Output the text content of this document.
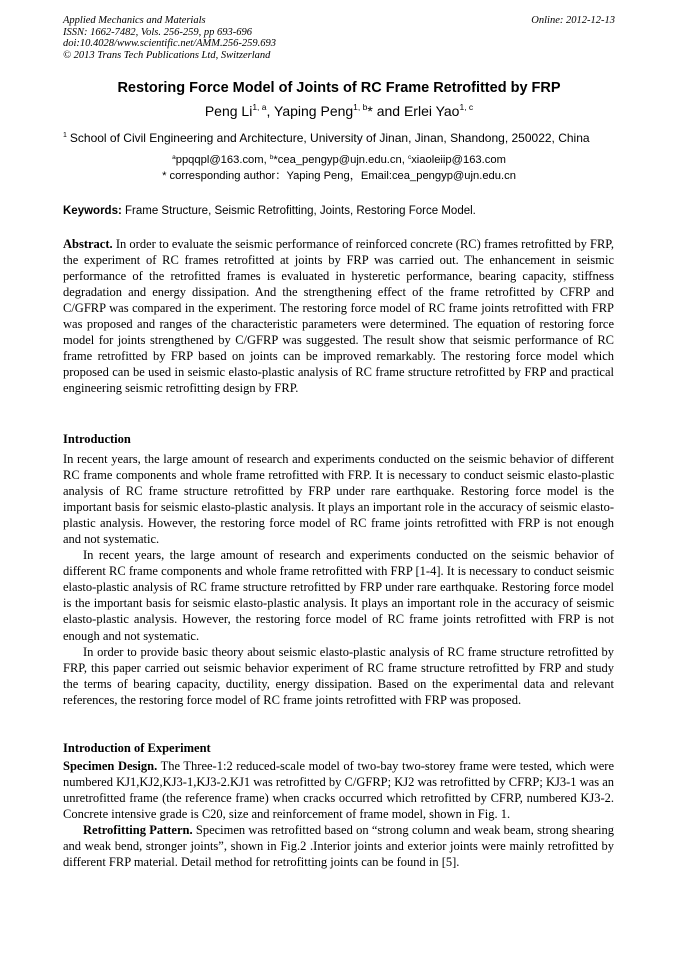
Applied Mechanics and Materials
ISSN: 1662-7482, Vols. 256-259, pp 693-696
doi:10.4028/www.scientific.net/AMM.256-259.693
© 2013 Trans Tech Publications Ltd, Switzerland
Online: 2012-12-13
Restoring Force Model of Joints of RC Frame Retrofitted by FRP
Peng Li$^{1, a}$, Yaping Peng$^{1, b}$* and Erlei Yao$^{1, c}$
$^1$ School of Civil Engineering and Architecture, University of Jinan, Jinan, Shandong, 250022, China
$^a$ppqqpl@163.com, $^b$*cea_pengyp@ujn.edu.cn, $^c$xiaoleiip@163.com
* corresponding author：Yaping Peng，Email:cea_pengyp@ujn.edu.cn
Keywords: Frame Structure, Seismic Retrofitting, Joints, Restoring Force Model.

Abstract. In order to evaluate the seismic performance of reinforced concrete (RC) frames retrofitted by FRP, the experiment of RC frames retrofitted at joints by FRP was carried out. The enhancement in seismic performance of the retrofitted frames is evaluated in hysteretic performance, bearing capacity, stiffness degradation and energy dissipation. And the strengthening effect of the frame retrofitted by CFRP and C/GFRP was compared in the experiment. The restoring force model of RC frame joints retrofitted with FRP was proposed and ranges of the characteristic parameters were determined. The equation of restoring force model for joints strengthened by C/GFRP was suggested. The result show that seismic performance of RC frame retrofitted by FRP based on joints can be improved remarkably. The restoring force model which proposed can be used in seismic elasto-plastic analysis of RC frame structure retrofitted by FRP and practical engineering seismic retrofitting design by FRP.

Introduction

In recent years, the large amount of research and experiments conducted on the seismic behavior of different RC frame components and whole frame retrofitted with FRP. It is necessary to conduct seismic elasto-plastic analysis of RC frame structure retrofitted by FRP under rare earthquake. Restoring force model is the important basis for seismic elasto-plastic analysis. It plays an important role in the accuracy of seismic elasto-plastic analysis. However, the restoring force model of RC frame joints retrofitted with FRP is not enough and not systematic.

In recent years, the large amount of research and experiments conducted on the seismic behavior of different RC frame components and whole frame retrofitted with FRP [1-4]. It is necessary to conduct seismic elasto-plastic analysis of RC frame structure retrofitted by FRP under rare earthquake. Restoring force model is the important basis for seismic elasto-plastic analysis. It plays an important role in the accuracy of seismic elasto-plastic analysis. However, the restoring force model of RC frame joints retrofitted with FRP is not enough and not systematic.

In order to provide basic theory about seismic elasto-plastic analysis of RC frame structure retrofitted by FRP, this paper carried out seismic behavior experiment of RC frame structure retrofitted by FRP and study the terms of bearing capacity, ductility, energy dissipation. Based on the experimental data and relevant references, the restoring force model of RC frame joints retrofitted with FRP was proposed.

Introduction of Experiment

Specimen Design. The Three-1:2 reduced-scale model of two-bay two-storey frame were tested, which were numbered KJ1,KJ2,KJ3-1,KJ3-2.KJ1 was retrofitted by C/GFRP; KJ2 was retrofitted by CFRP; KJ3-1 was an unretrofitted frame (the reference frame) when cracks occurred which retrofitted by CFRP, numbered KJ3-2. Concrete intensive grade is C20, size and reinforcement of frame model, shown in Fig. 1.

Retrofitting Pattern. Specimen was retrofitted based on “strong column and weak beam, strong shearing and weak bend, stronger joints”, shown in Fig.2 .Interior joints and exterior joints were mainly retrofitted by different FRP material. Detail method for retrofitting joints can be found in [5].
